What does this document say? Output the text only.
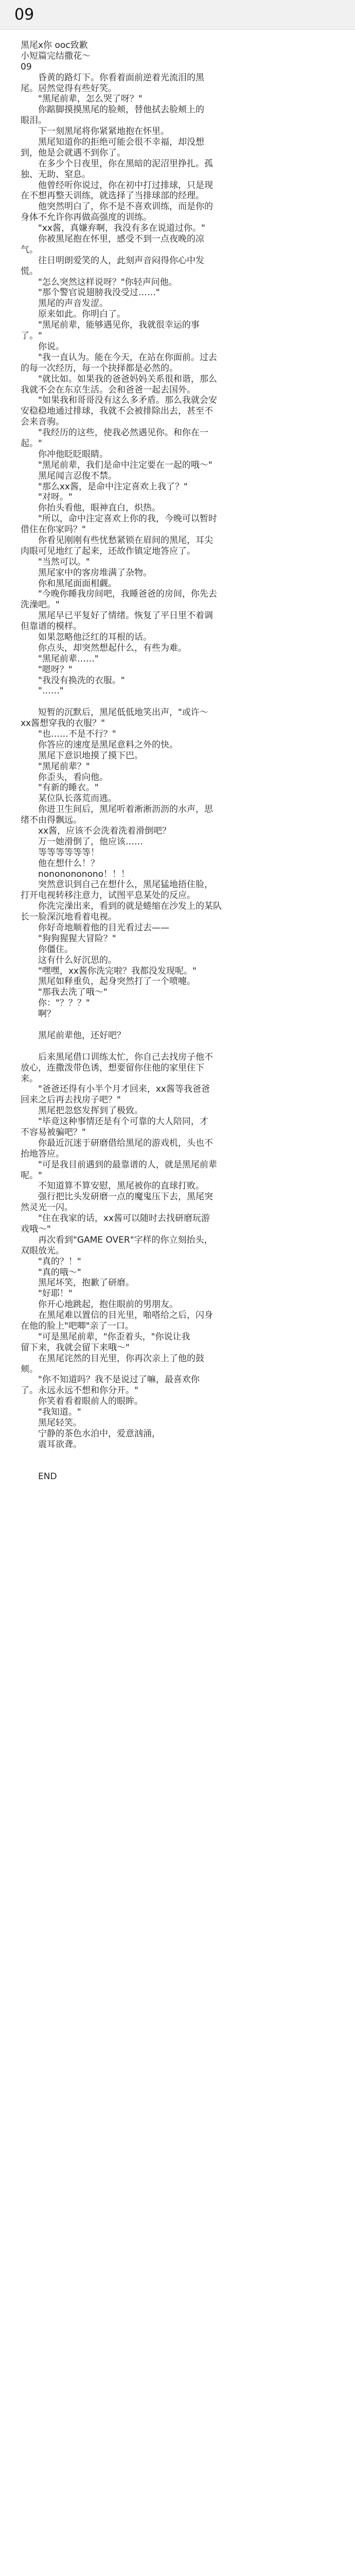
09
黑尾x你 ooc致歉
小短篇完结撒花～
09
　　昏黄的路灯下。你看着面前逆着光流泪的黑
尾。居然觉得有些好笑。
　　"黑尾前辈，怎么哭了呀？"
　　你踮脚摸摸黑尾的脸颊，替他拭去脸颊上的
眼泪。
　　下一刻黑尾将你紧紧地抱在怀里。
　　黑尾知道你的拒绝可能会很不幸福，却没想
到，他是会就遇不到你了。
　　在多少个日夜里，你在黑暗的泥沼里挣扎。孤
独、无助、窒息。
　　他曾经听你说过，你在初中打过排球，只是现
在不想再整天训练，就选择了当排球部的经理。
　　他突然明白了，你不是不喜欢训练，而是你的
身体不允许你再做高强度的训练。
　　"xx酱，真嫌弃啊，我没有多在说道过你。"
　　你被黑尾抱在怀里，感受不到一点夜晚的凉
气。
　　往日明朗爱笑的人，此刻声音闷得你心中发
慌。
　　"怎么突然这样说呀？"你轻声问他。
　　"那个警官说翅膀我没受过……"
　　黑尾的声音发涩。
　　原来如此。你明白了。
　　"黑尾前辈，能够遇见你，我就很幸运的事
了。"
　　你说。
　　"我一直认为。能在今天，在站在你面前。过去
的每一次经历，每一个抉择都是必然的。
　　"就比如。如果我的爸爸妈妈关系很和谐，那么
我就不会在东京生活。会和爸爸一起去国外。
　　"如果我和哥哥没有这么多矛盾。那么我就会安
安稳稳地通过排球，我就不会被排除出去，甚至不
会来音驹。
　　"我经历的这些，使我必然遇见你。和你在一
起。"
　　你冲他眨眨眼睛。
　　"黑尾前辈，我们是命中注定要在一起的哦～"
　　黑尾闻言忍俊不禁。
　　"那么xx酱，是命中注定喜欢上我了？"
　　"对呀。"
　　你抬头看他，眼神直白，炽热。
　　"所以，命中注定喜欢上你的我，今晚可以暂时
借住在你家吗？"
　　你看见刚刚有些忧愁紧锁在眉间的黑尾，耳尖
肉眼可见地红了起来，还故作镇定地答应了。
　　"当然可以。"
　　黑尾家中的客房堆满了杂物。
　　你和黑尾面面相觑。
　　"今晚你睡我房间吧，我睡爸爸的房间，你先去
洗澡吧。"
　　黑尾早已平复好了情绪。恢复了平日里不着调
但靠谱的模样。
　　如果忽略他泛红的耳根的话。
　　你点头，却突然想起什么，有些为难。
　　"黑尾前辈……"
　　"嗯呀？"
　　"我没有换洗的衣服。"
　　"……"
　　短暂的沉默后，黑尾低低地笑出声，"或许～
xx酱想穿我的衣服？"
　　"也……不是不行？"
　　你答应的速度是黑尾意料之外的快。
　　黑尾下意识地摸了摸下巴。
　　"黑尾前辈？"
　　你歪头，看向他。
　　"有新的睡衣。"
　　某位队长落荒而逃。
　　你进卫生间后，黑尾听着淅淅沥沥的水声，思
绪不由得飘远。
　　xx酱，应该不会洗着洗着滑倒吧？
　　万一她滑倒了，他应该……
　　等等等等等等！
　　他在想什么！？
　　nononononono！！！
　　突然意识到自己在想什么，黑尾猛地捂住脸，
打开电视转移注意力，试图平息某处的反应。
　　你洗完澡出来，看到的就是蜷缩在沙发上的某队
长一脸深沉地看着电视。
　　你好奇地顺着他的目光看过去——
　　"狗狗猩猩大冒险？"
　　你僵住。
　　这有什么好沉思的。
　　"嘿嘿，xx酱你洗完啦？我都没发现呢。"
　　黑尾如释重负，起身突然打了一个喷嚏。
　　"那我去洗了哦～"
　　你："？？？"
　　啊？
　　黑尾前辈他，还好吧？
　　后来黑尾借口训练太忙，你自己去找房子他不
放心，连撒泼带色诱，想要留你住他的家里住下
来。
　　"爸爸还得有小半个月才回来，xx酱等我爸爸
回来之后再去找房子吧？"
　　黑尾把忽悠发挥到了极致。
　　"毕竟这种事情还是有个可靠的大人陪同，才
不容易被骗吧？"
　　你最近沉迷于研磨借给黑尾的游戏机，头也不
抬地答应。
　　"可是我目前遇到的最靠谱的人，就是黑尾前辈
呢。"
　　不知道算不算安慰，黑尾被你的直球打败。
　　强行把比头发研磨一点的魔鬼压下去，黑尾突
然灵光一闪。
　　"住在我家的话，xx酱可以随时去找研磨玩游
戏哦～"
　　再次看到"GAME OVER"字样的你立刻抬头，
双眼放光。
　　"真的？！"
　　"真的哦～"
　　黑尾坏笑，抱歉了研磨。
　　"好耶！"
　　你开心地跳起，抱住眼前的男朋友。
　　在黑尾难以置信的目光里，啪嗒给之后，闪身
在他的脸上"吧唧"亲了一口。
　　"可是黑尾前辈，"你歪着头，"你说让我
留下来，我就会留下来哦～"
　　在黑尾诧然的目光里，你再次亲上了他的鼓
颊。
　　"你不知道吗？我不是说过了嘛，最喜欢你
了。永远永远不想和你分开。"
　　你笑着看着眼前人的眼眸。
　　"我知道。"
　　黑尾轻笑。
　　宁静的茶色水泊中，爱意汹涌，
　　震耳欲聋。
　　END
